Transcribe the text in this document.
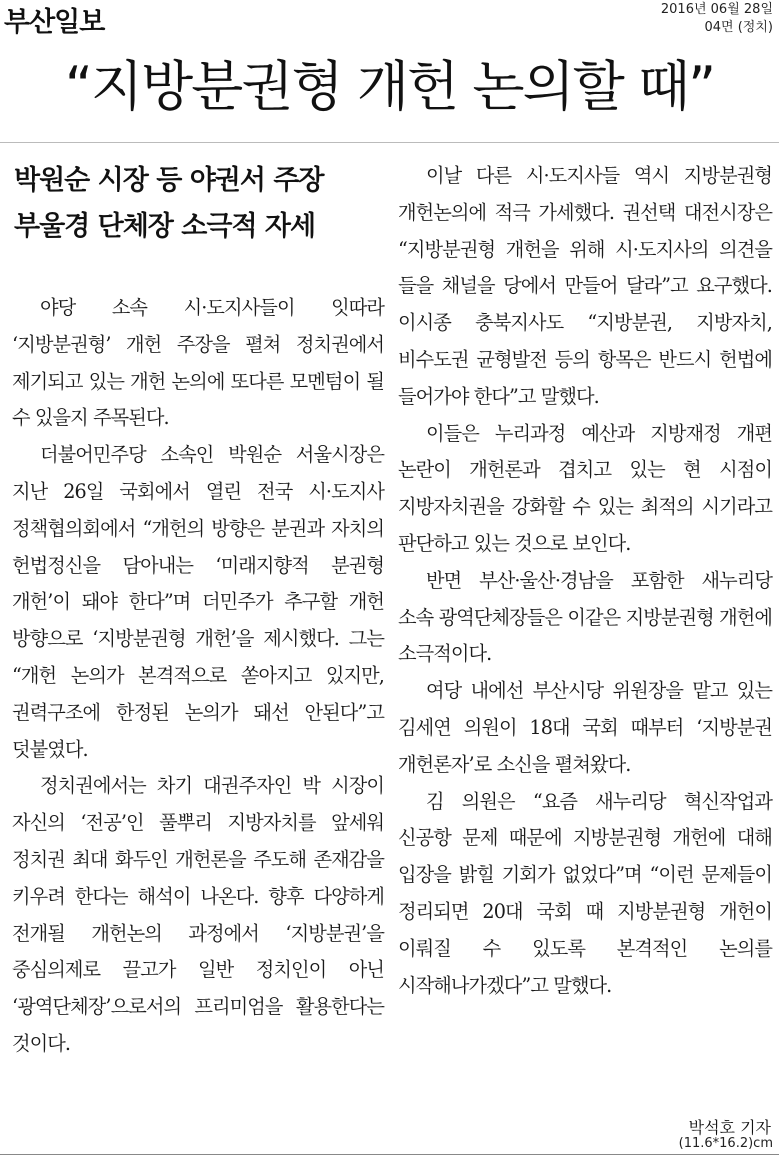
부산일보	2016년 06월 28일
04면 (정치)
“지방분권형 개헌 논의할 때”

박원순 시장 등 야권서 주장

부울경 단체장 소극적 자세

야당 소속 시·도지사들이 잇따라 ‘지방분권형’ 개헌 주장을 펼쳐 정치권에서 제기되고 있는 개헌 논의에 또다른 모멘텀이 될 수 있을지 주목된다.

더불어민주당 소속인 박원순 서울시장은 지난 26일 국회에서 열린 전국 시·도지사 정책협의회에서 “개헌의 방향은 분권과 자치의 헌법정신을 담아내는 ‘미래지향적 분권형 개헌’이 돼야 한다”며 더민주가 추구할 개헌 방향으로 ‘지방분권형 개헌’을 제시했다. 그는 “개헌 논의가 본격적으로 쏟아지고 있지만, 권력구조에 한정된 논의가 돼선 안된다”고 덧붙였다.

정치권에서는 차기 대권주자인 박 시장이 자신의 ‘전공’인 풀뿌리 지방자치를 앞세워 정치권 최대 화두인 개헌론을 주도해 존재감을 키우려 한다는 해석이 나온다. 향후 다양하게 전개될 개헌논의 과정에서 ‘지방분권’을 중심의제로 끌고가 일반 정치인이 아닌 ‘광역단체장’으로서의 프리미엄을 활용한다는 것이다.

이날 다른 시·도지사들 역시 지방분권형 개헌논의에 적극 가세했다. 권선택 대전시장은 “지방분권형 개헌을 위해 시·도지사의 의견을 들을 채널을 당에서 만들어 달라”고 요구했다. 이시종 충북지사도 “지방분권, 지방자치, 비수도권 균형발전 등의 항목은 반드시 헌법에 들어가야 한다”고 말했다.

이들은 누리과정 예산과 지방재정 개편 논란이 개헌론과 겹치고 있는 현 시점이 지방자치권을 강화할 수 있는 최적의 시기라고 판단하고 있는 것으로 보인다.

반면 부산·울산·경남을 포함한 새누리당 소속 광역단체장들은 이같은 지방분권형 개헌에 소극적이다.

여당 내에선 부산시당 위원장을 맡고 있는 김세연 의원이 18대 국회 때부터 ‘지방분권 개헌론자’로 소신을 펼쳐왔다.

김 의원은 “요즘 새누리당 혁신작업과 신공항 문제 때문에 지방분권형 개헌에 대해 입장을 밝힐 기회가 없었다”며 “이런 문제들이 정리되면 20대 국회 때 지방분권형 개헌이 이뤄질 수 있도록 본격적인 논의를 시작해나가겠다”고 말했다.

박석호 기자
(11.6*16.2)cm
